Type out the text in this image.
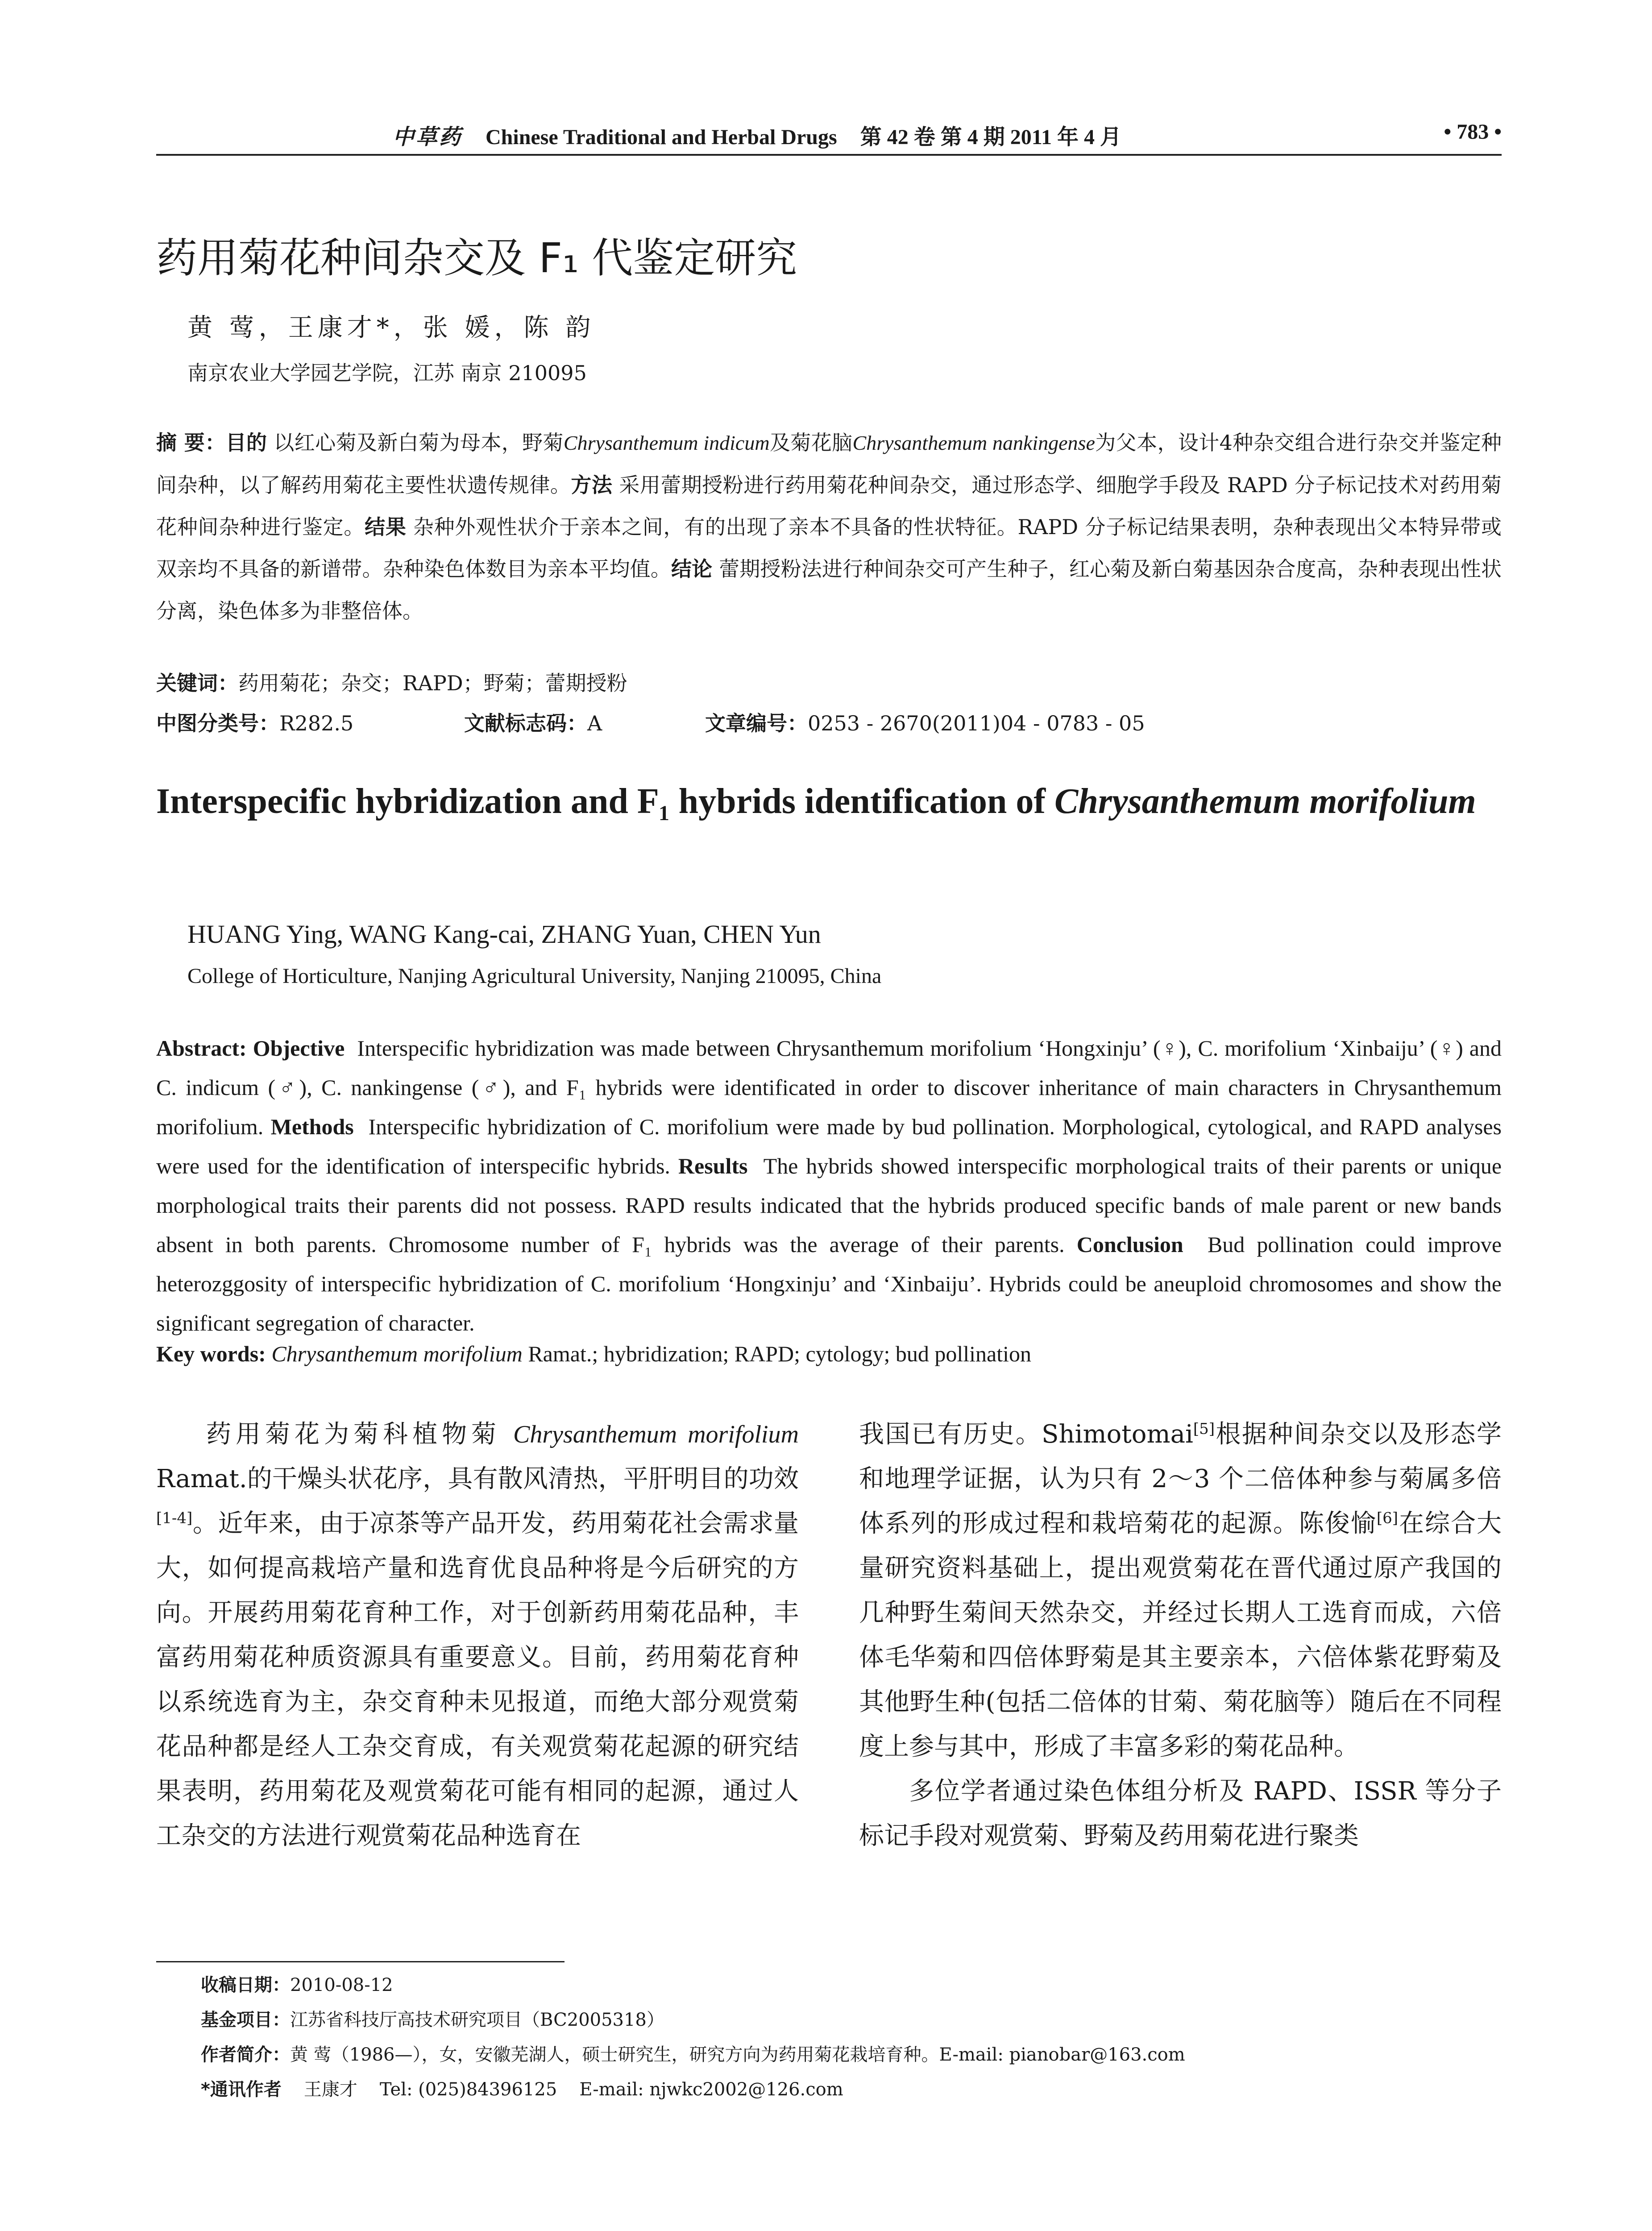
中草药 Chinese Traditional and Herbal Drugs 第 42 卷 第 4 期 2011 年 4 月	• 783 •
药用菊花种间杂交及 F₁ 代鉴定研究
黄 莺，王康才*，张 媛，陈 韵
南京农业大学园艺学院，江苏 南京 210095
摘 要：目的 以红心菊及新白菊为母本，野菊Chrysanthemum indicum及菊花脑Chrysanthemum nankingense为父本，设计4种杂交组合进行杂交并鉴定种间杂种，以了解药用菊花主要性状遗传规律。方法 采用蕾期授粉进行药用菊花种间杂交，通过形态学、细胞学手段及 RAPD 分子标记技术对药用菊花种间杂种进行鉴定。结果 杂种外观性状介于亲本之间，有的出现了亲本不具备的性状特征。RAPD 分子标记结果表明，杂种表现出父本特异带或双亲均不具备的新谱带。杂种染色体数目为亲本平均值。结论 蕾期授粉法进行种间杂交可产生种子，红心菊及新白菊基因杂合度高，杂种表现出性状分离，染色体多为非整倍体。
关键词：药用菊花；杂交；RAPD；野菊；蕾期授粉
中图分类号：R282.5	文献标志码：A	文章编号：0253 - 2670(2011)04 - 0783 - 05
Interspecific hybridization and F₁ hybrids identification of Chrysanthemum morifolium
HUANG Ying, WANG Kang-cai, ZHANG Yuan, CHEN Yun
College of Horticulture, Nanjing Agricultural University, Nanjing 210095, China
Abstract: Objective Interspecific hybridization was made between Chrysanthemum morifolium ‘Hongxinju’ (♀), C. morifolium ‘Xinbaiju’ (♀) and C. indicum (♂), C. nankingense (♂), and F₁ hybrids were identificated in order to discover inheritance of main characters in Chrysanthemum morifolium. Methods Interspecific hybridization of C. morifolium were made by bud pollination. Morphological, cytological, and RAPD analyses were used for the identification of interspecific hybrids. Results The hybrids showed interspecific morphological traits of their parents or unique morphological traits their parents did not possess. RAPD results indicated that the hybrids produced specific bands of male parent or new bands absent in both parents. Chromosome number of F₁ hybrids was the average of their parents. Conclusion Bud pollination could improve heterozggosity of interspecific hybridization of C. morifolium ‘Hongxinju’ and ‘Xinbaiju’. Hybrids could be aneuploid chromosomes and show the significant segregation of character.
Key words: Chrysanthemum morifolium Ramat.; hybridization; RAPD; cytology; bud pollination

药用菊花为菊科植物菊 Chrysanthemum morifolium Ramat.的干燥头状花序，具有散风清热，平肝明目的功效[1-4]。近年来，由于凉茶等产品开发，药用菊花社会需求量大，如何提高栽培产量和选育优良品种将是今后研究的方向。开展药用菊花育种工作，对于创新药用菊花品种，丰富药用菊花种质资源具有重要意义。目前，药用菊花育种以系统选育为主，杂交育种未见报道，而绝大部分观赏菊花品种都是经人工杂交育成，有关观赏菊花起源的研究结果表明，药用菊花及观赏菊花可能有相同的起源，通过人工杂交的方法进行观赏菊花品种选育在

我国已有历史。Shimotomai[5]根据种间杂交以及形态学和地理学证据，认为只有 2～3 个二倍体种参与菊属多倍体系列的形成过程和栽培菊花的起源。陈俊愉[6]在综合大量研究资料基础上，提出观赏菊花在晋代通过原产我国的几种野生菊间天然杂交，并经过长期人工选育而成，六倍体毛华菊和四倍体野菊是其主要亲本，六倍体紫花野菊及其他野生种(包括二倍体的甘菊、菊花脑等）随后在不同程度上参与其中，形成了丰富多彩的菊花品种。

多位学者通过染色体组分析及 RAPD、ISSR 等分子标记手段对观赏菊、野菊及药用菊花进行聚类

收稿日期：2010-08-12
基金项目：江苏省科技厅高技术研究项目（BC2005318）
作者简介：黄 莺（1986—），女，安徽芜湖人，硕士研究生，研究方向为药用菊花栽培育种。E-mail: pianobar@163.com
*通讯作者 王康才 Tel: (025)84396125 E-mail: njwkc2002@126.com
